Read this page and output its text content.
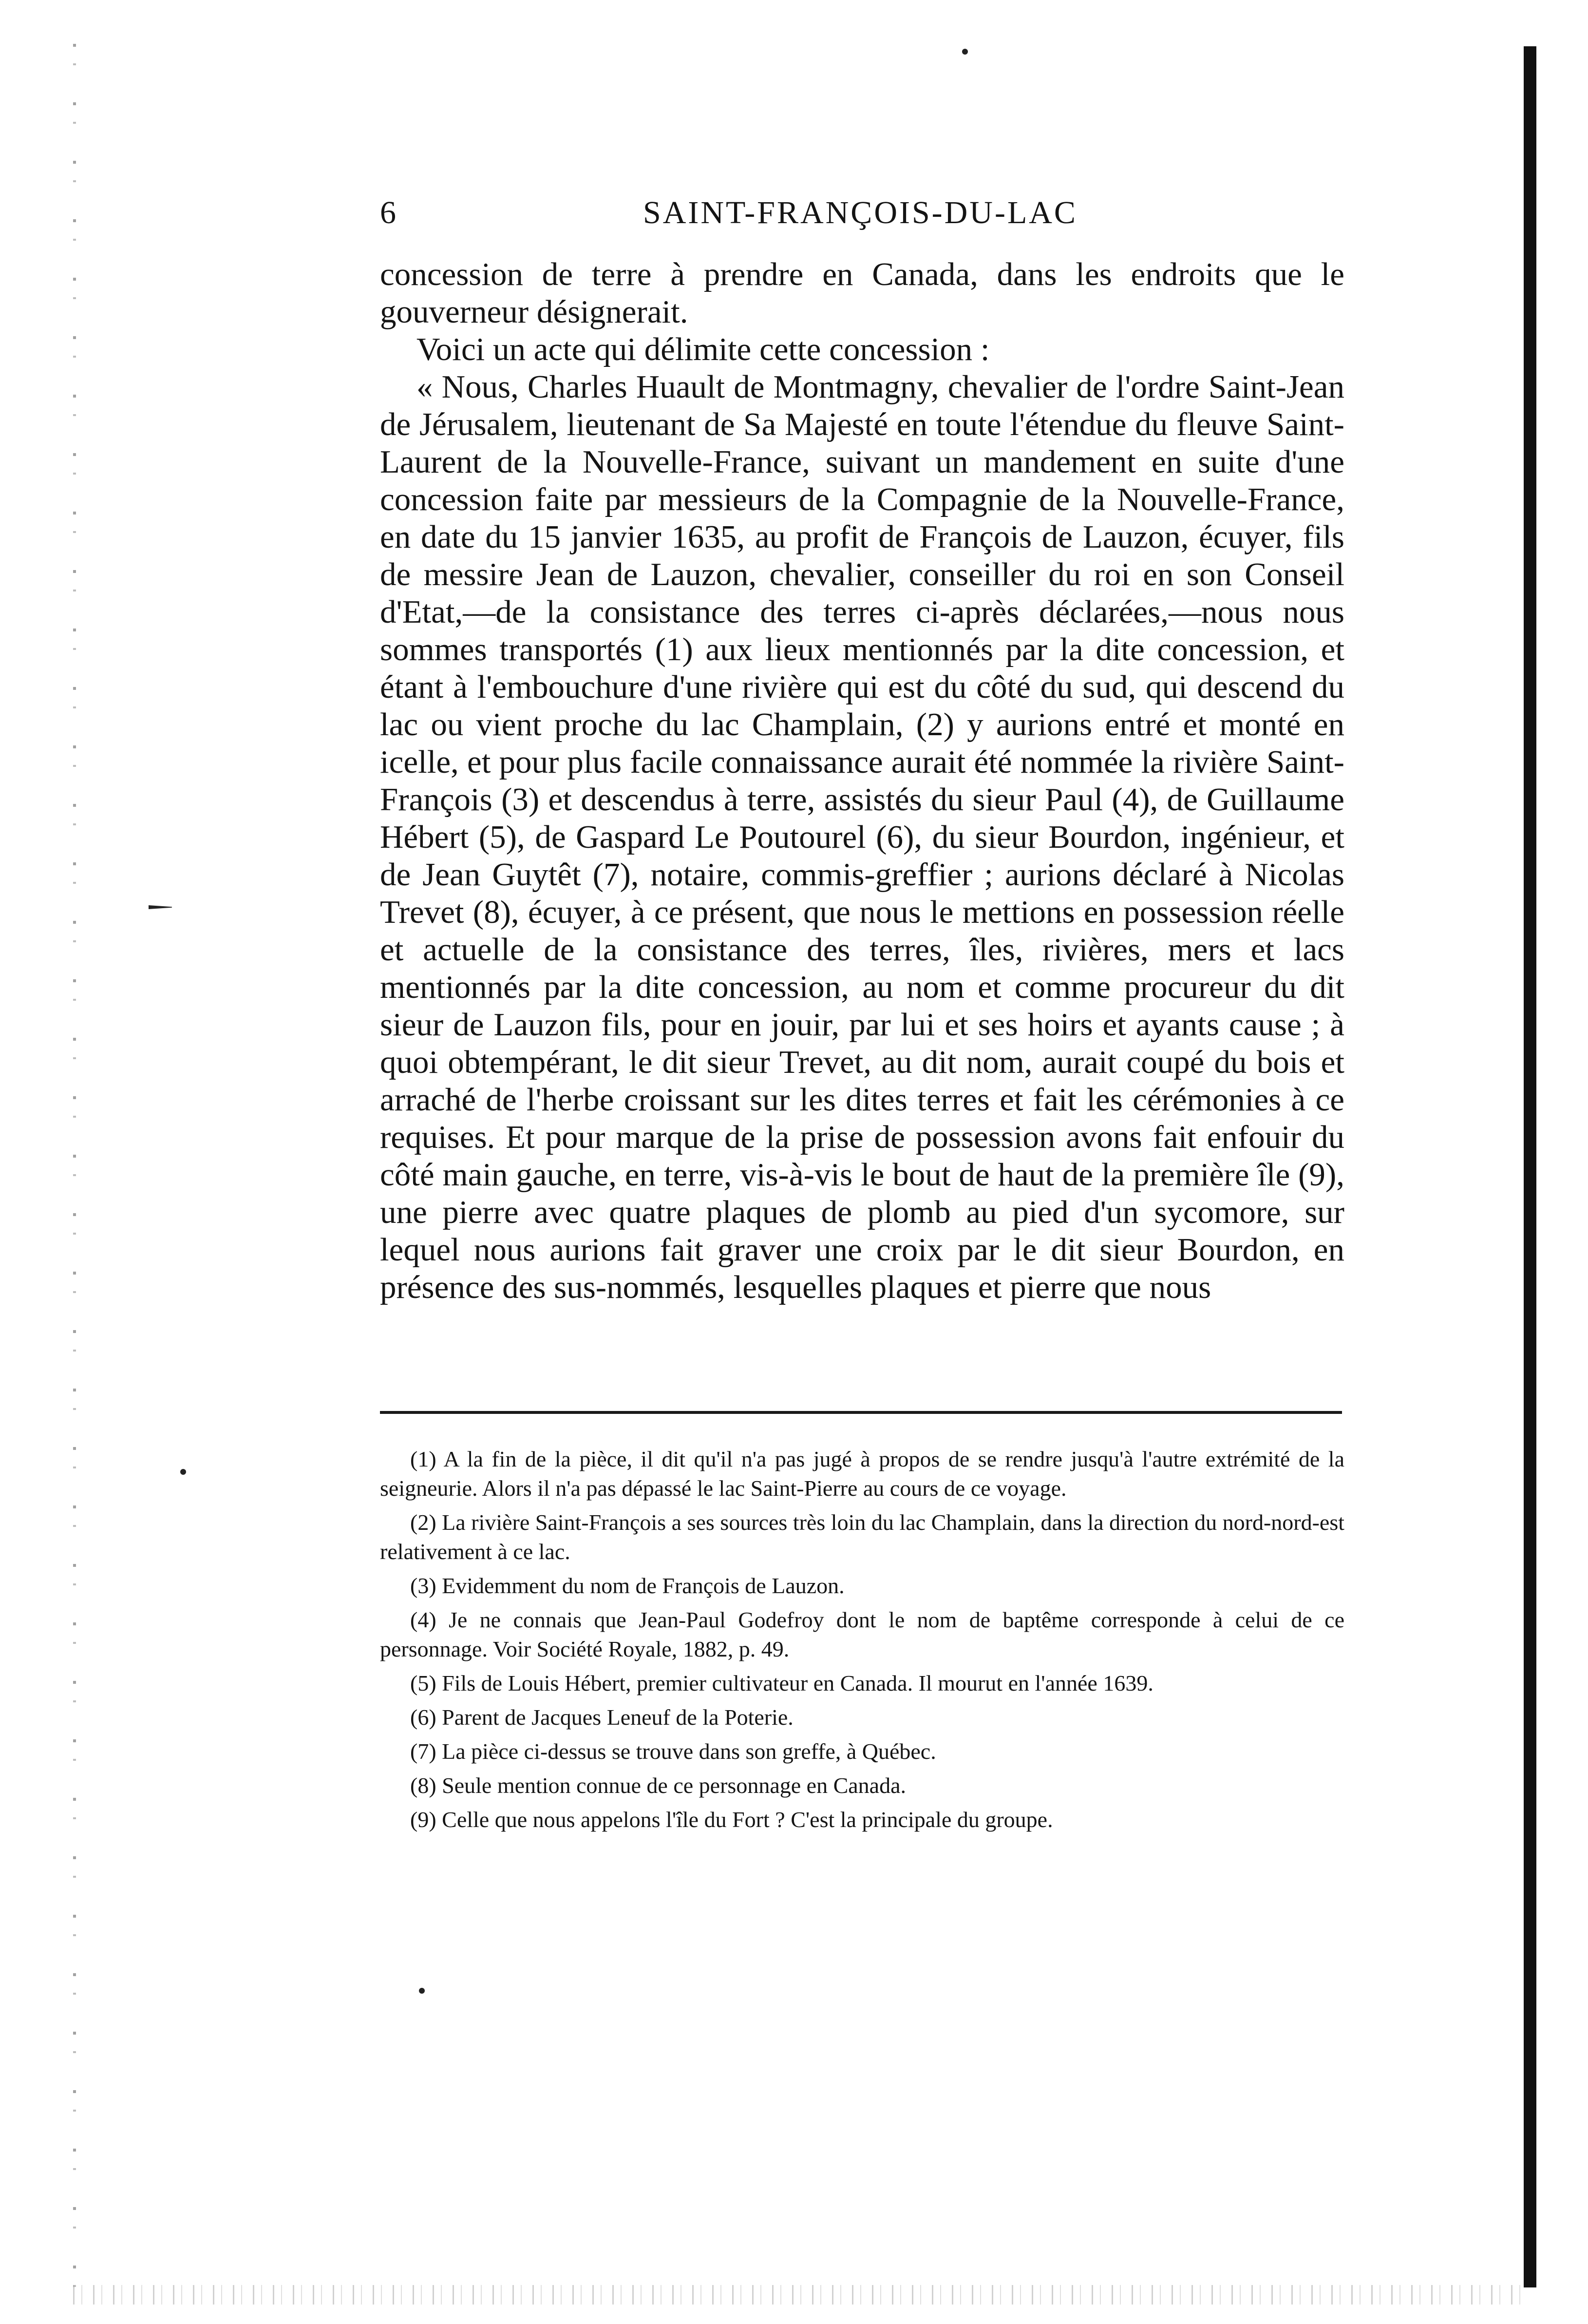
6	SAINT-FRANÇOIS-DU-LAC

concession de terre à prendre en Canada, dans les endroits que le gouverneur désignerait.

Voici un acte qui délimite cette concession :

« Nous, Charles Huault de Montmagny, chevalier de l'ordre Saint-Jean de Jérusalem, lieutenant de Sa Majesté en toute l'étendue du fleuve Saint-Laurent de la Nouvelle-France, suivant un mandement en suite d'une concession faite par messieurs de la Compagnie de la Nouvelle-France, en date du 15 janvier 1635, au profit de François de Lauzon, écuyer, fils de messire Jean de Lauzon, chevalier, conseiller du roi en son Conseil d'Etat,—de la consistance des terres ci-après déclarées,—nous nous sommes transportés (1) aux lieux mentionnés par la dite concession, et étant à l'embouchure d'une rivière qui est du côté du sud, qui descend du lac ou vient proche du lac Champlain, (2) y aurions entré et monté en icelle, et pour plus facile connaissance aurait été nommée la rivière Saint-François (3) et descendus à terre, assistés du sieur Paul (4), de Guillaume Hébert (5), de Gaspard Le Poutourel (6), du sieur Bourdon, ingénieur, et de Jean Guytêt (7), notaire, commis-greffier ; aurions déclaré à Nicolas Trevet (8), écuyer, à ce présent, que nous le mettions en possession réelle et actuelle de la consistance des terres, îles, rivières, mers et lacs mentionnés par la dite concession, au nom et comme procureur du dit sieur de Lauzon fils, pour en jouir, par lui et ses hoirs et ayants cause ; à quoi obtempérant, le dit sieur Trevet, au dit nom, aurait coupé du bois et arraché de l'herbe croissant sur les dites terres et fait les cérémonies à ce requises. Et pour marque de la prise de possession avons fait enfouir du côté main gauche, en terre, vis-à-vis le bout de haut de la première île (9), une pierre avec quatre plaques de plomb au pied d'un sycomore, sur lequel nous aurions fait graver une croix par le dit sieur Bourdon, en présence des sus-nommés, lesquelles plaques et pierre que nous

(1) A la fin de la pièce, il dit qu'il n'a pas jugé à propos de se rendre jusqu'à l'autre extrémité de la seigneurie. Alors il n'a pas dépassé le lac Saint-Pierre au cours de ce voyage.

(2) La rivière Saint-François a ses sources très loin du lac Champlain, dans la direction du nord-nord-est relativement à ce lac.

(3) Evidemment du nom de François de Lauzon.

(4) Je ne connais que Jean-Paul Godefroy dont le nom de baptême corresponde à celui de ce personnage. Voir Société Royale, 1882, p. 49.

(5) Fils de Louis Hébert, premier cultivateur en Canada. Il mourut en l'année 1639.

(6) Parent de Jacques Leneuf de la Poterie.

(7) La pièce ci-dessus se trouve dans son greffe, à Québec.

(8) Seule mention connue de ce personnage en Canada.

(9) Celle que nous appelons l'île du Fort ? C'est la principale du groupe.
